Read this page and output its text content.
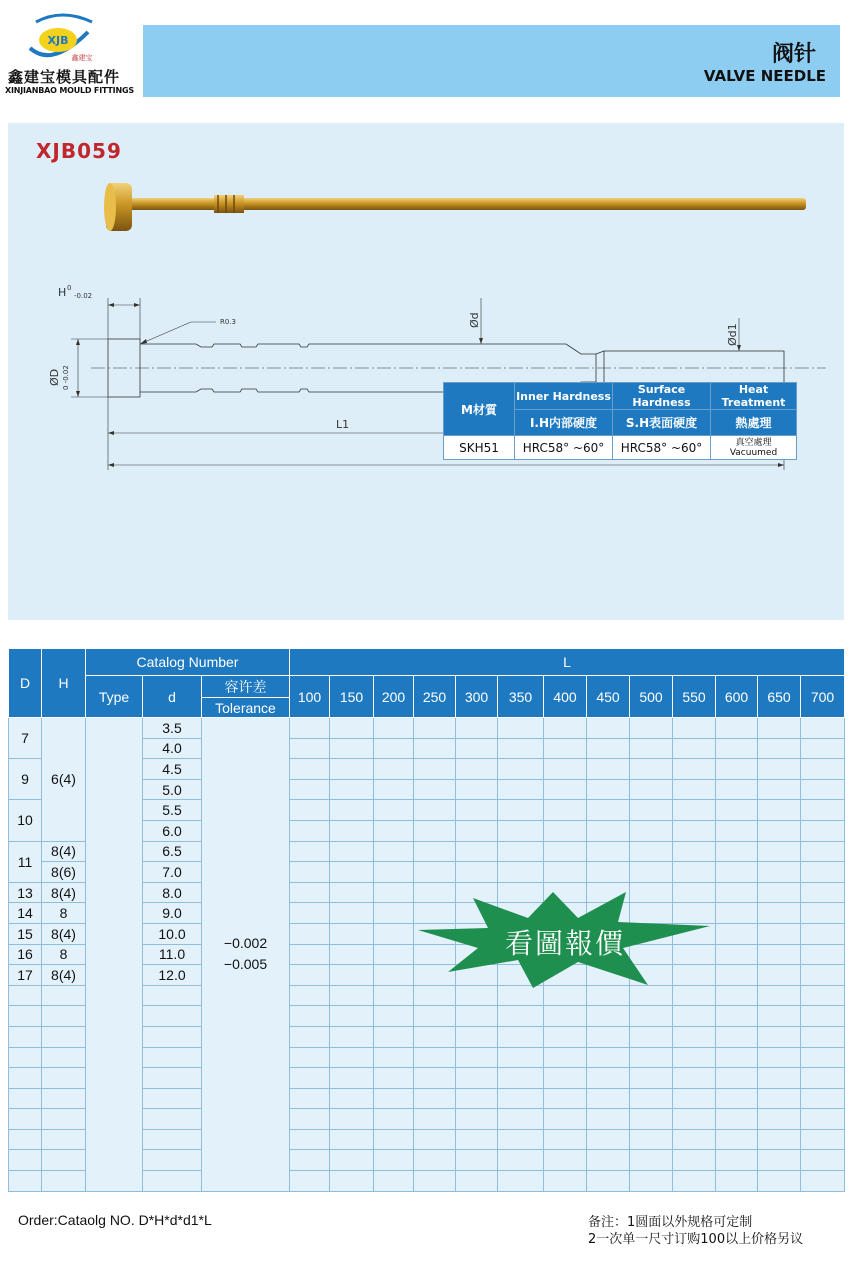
XJB
鑫建宝
鑫建宝模具配件
XINJIANBAO MOULD FITTINGS
阀针
VALVE NEEDLE
XJB059
H 0
-0.02
ØD 0 -0.02
R0.3	Ød
Ød1
L1
L
M材質	Inner Hardness	Surface Hardness	Heat Treatment
	I.H内部硬度	S.H表面硬度	熱處理
SKH51	HRC58° ~60°	HRC58° ~60°	真空處理
Vacuumed
D	H	Catalog Number			L												
		Type	d	容许差	100	150	200	250	300	350	400	450	500	550	600	650	700
				Tolerance													
7	6(4)		3.5	−0.002
−0.005													

			4.0														
9			4.5														
			5.0														
10			5.5														
			6.0														
11	8(4)		6.5														
	8(6)		7.0														
13	8(4)		8.0														
14	8		9.0														
15	8(4)		10.0														
16	8		11.0														
17	8(4)		12.0														

看圖報價
Order:Cataolg NO. D*H*d*d1*L	备注：1圆面以外规格可定制
2一次单一尺寸订购100以上价格另议
